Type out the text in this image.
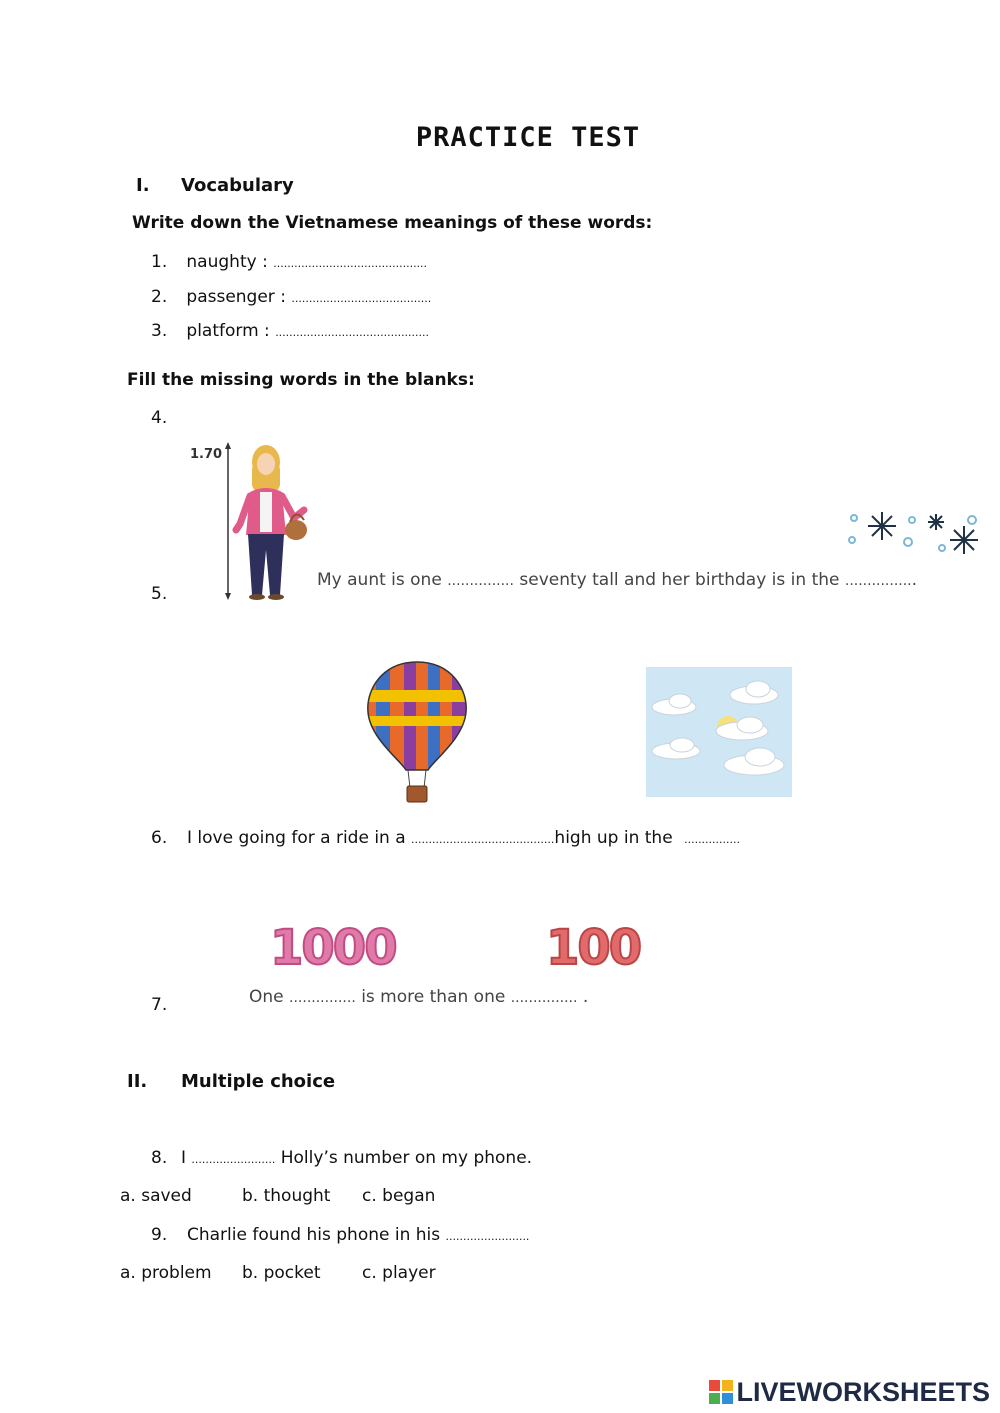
PRACTICE TEST
I. Vocabulary
Write down the Vietnamese meanings of these words:
1. naughty : ............................................
2. passenger : ........................................
3. platform : ............................................
Fill the missing words in the blanks:
4.
1.70
5.
My aunt is one ............... seventy tall and her birthday is in the ................
6. I love going for a ride in a .........................................high up in the ................
1000	100
7.	One ............... is more than one ............... .
II. Multiple choice
8. I ........................ Holly’s number on my phone.
a. saved	b. thought c. began
9. Charlie found his phone in his ........................
a. problem b. pocket c. player
LIVEWORKSHEETS
